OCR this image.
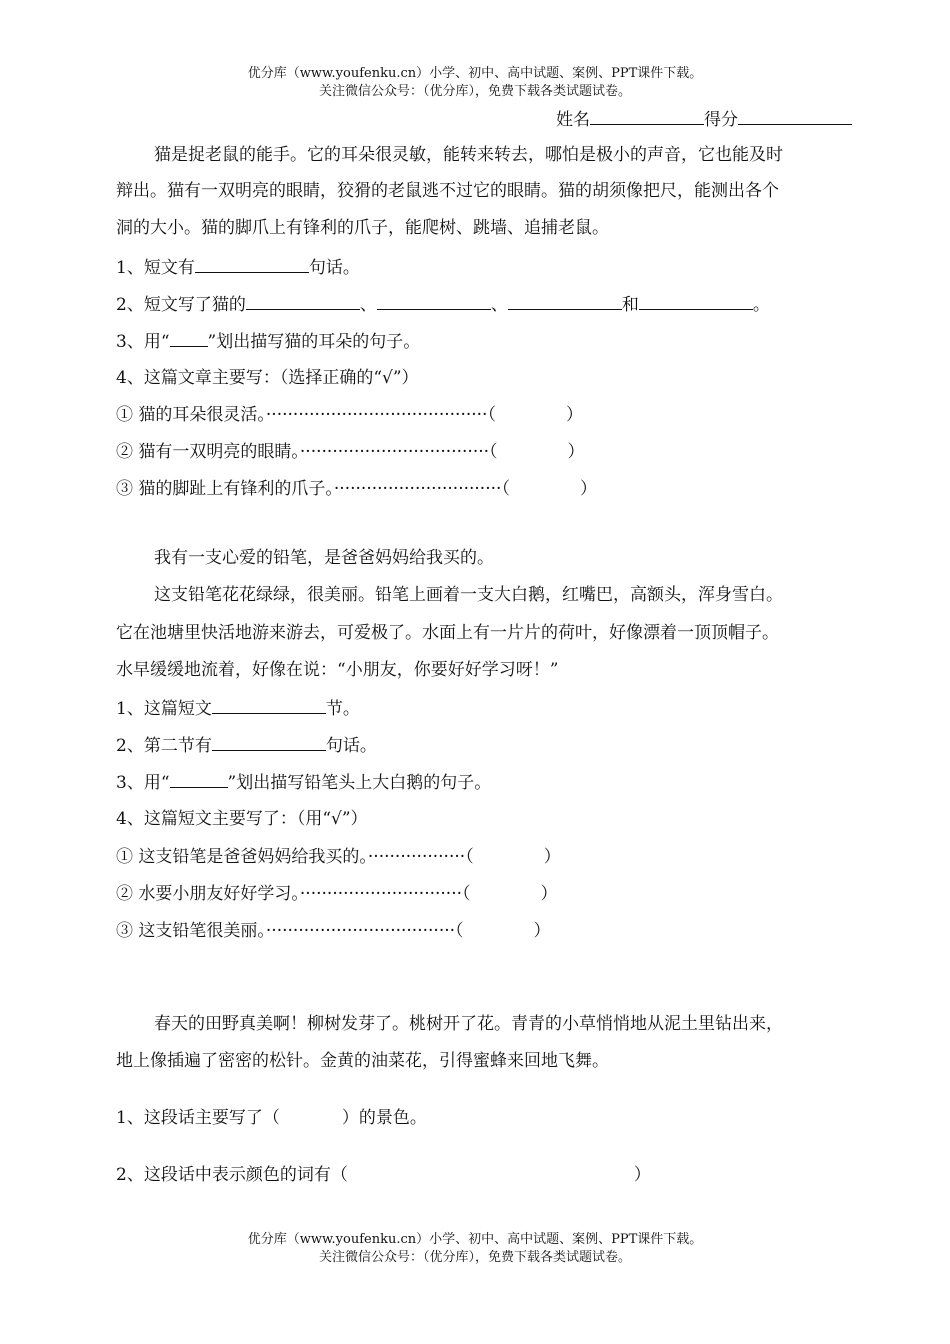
优分库（www.youfenku.cn）小学、初中、高中试题、案例、PPT课件下载。
关注微信公众号：（优分库），免费下载各类试题试卷。
姓名	得分
猫是捉老鼠的能手。它的耳朵很灵敏，能转来转去，哪怕是极小的声音，它也能及时
辩出。猫有一双明亮的眼睛，狡猾的老鼠逃不过它的眼睛。猫的胡须像把尺，能测出各个
洞的大小。猫的脚爪上有锋利的爪子，能爬树、跳墙、追捕老鼠。
1、短文有	句话。
2、短文写了猫的	、	、	和	。
3、用“ ”划出描写猫的耳朵的句子。
4、这篇文章主要写：（选择正确的“√”）
① 猫的耳朵很灵活。·········································（	）
② 猫有一双明亮的眼睛。···································（	）
③ 猫的脚趾上有锋利的爪子。·······························（	）
我有一支心爱的铅笔，是爸爸妈妈给我买的。
这支铅笔花花绿绿，很美丽。铅笔上画着一支大白鹅，红嘴巴，高额头，浑身雪白。
它在池塘里快活地游来游去，可爱极了。水面上有一片片的荷叶，好像漂着一顶顶帽子。
水早缓缓地流着，好像在说：“小朋友，你要好好学习呀！”
1、这篇短文	节。
2、第二节有	句话。
3、用“	”划出描写铅笔头上大白鹅的句子。
4、这篇短文主要写了：（用“√”）
① 这支铅笔是爸爸妈妈给我买的。··················（	）
② 水要小朋友好好学习。······························（	）
③ 这支铅笔很美丽。···································（	）
春天的田野真美啊！柳树发芽了。桃树开了花。青青的小草悄悄地从泥土里钻出来，
地上像插遍了密密的松针。金黄的油菜花，引得蜜蜂来回地飞舞。
1、这段话主要写了（	）的景色。
2、这段话中表示颜色的词有（	）
优分库（www.youfenku.cn）小学、初中、高中试题、案例、PPT课件下载。
关注微信公众号：（优分库），免费下载各类试题试卷。
